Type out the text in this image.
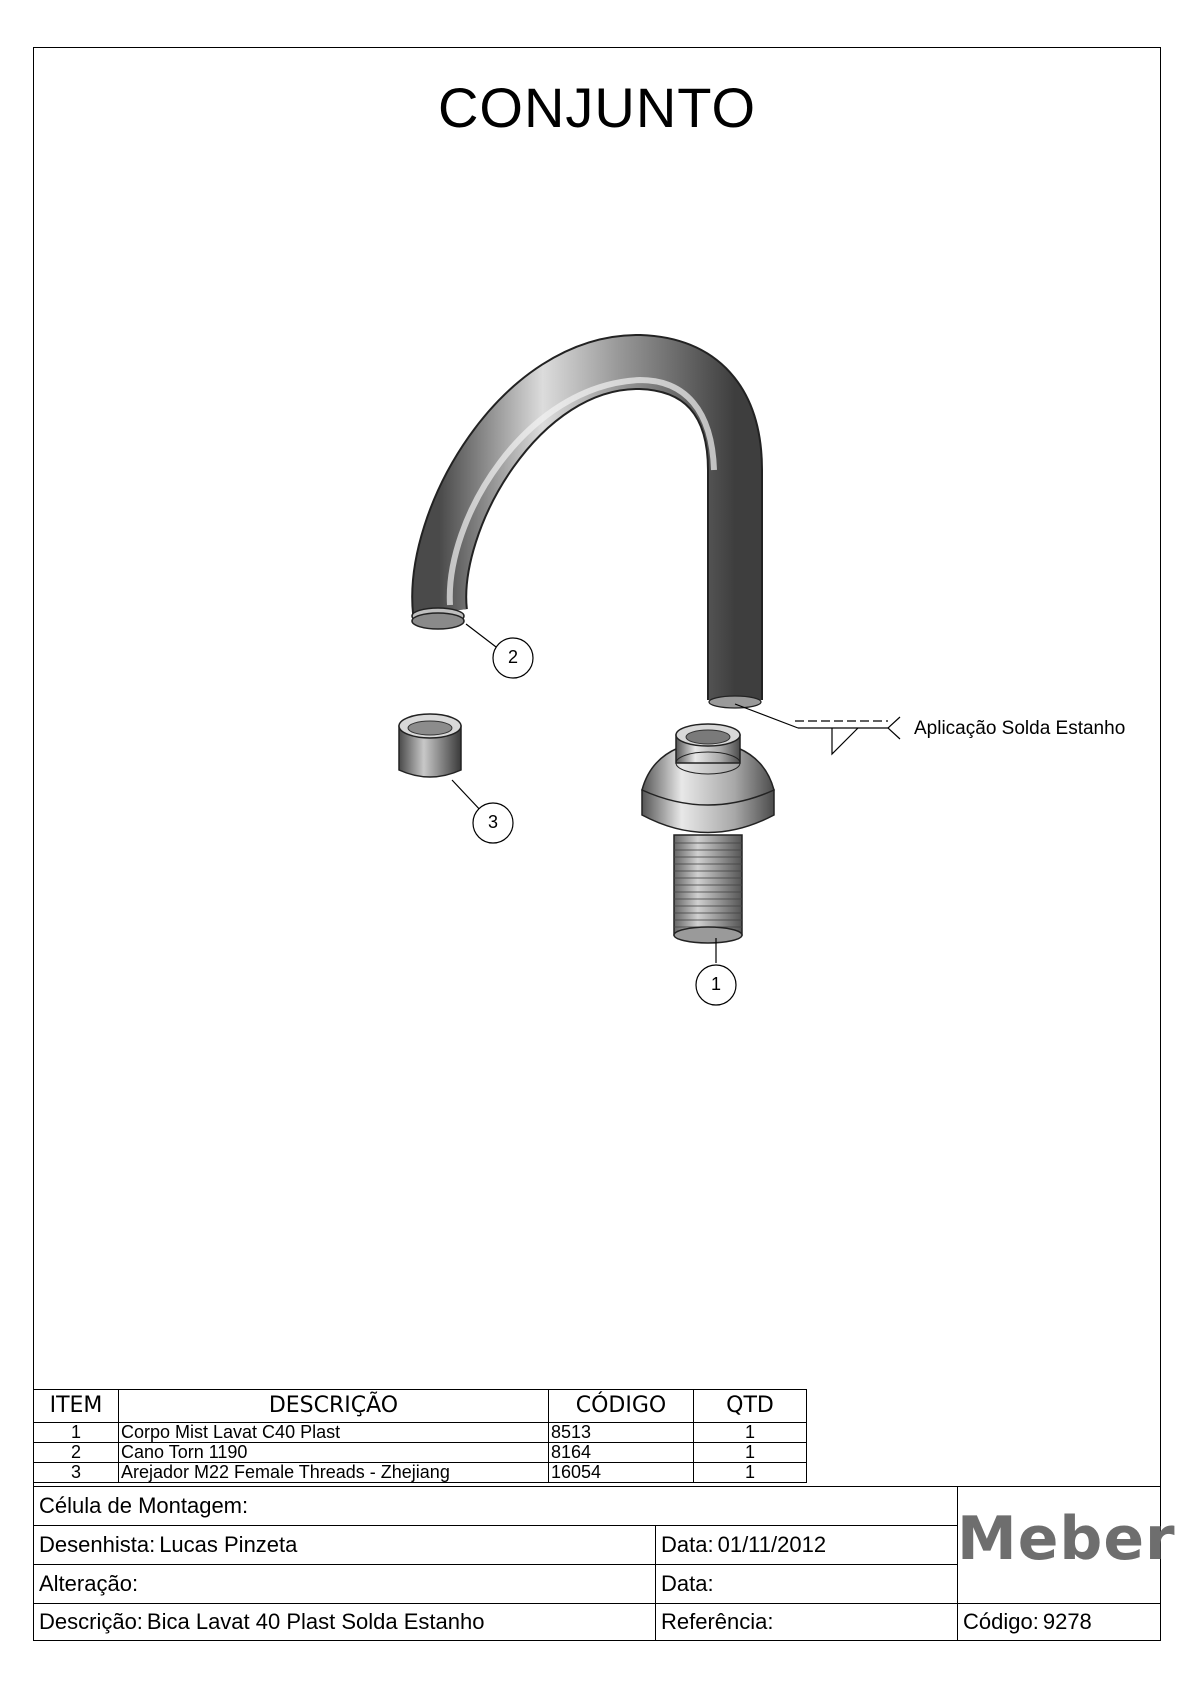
CONJUNTO
2
3
1
Aplicação Solda Estanho
ITEM	DESCRIÇÃO	CÓDIGO	QTD
1	Corpo Mist Lavat C40 Plast	8513	1
2	Cano Torn 1190	8164	1
3	Arejador M22 Female Threads - Zhejiang	16054	1
Célula de Montagem:
Desenhista: Lucas Pinzeta	Data: 01/11/2012
Alteração:	Data:
Descrição: Bica Lavat 40 Plast Solda Estanho	Referência:	Código: 9278
Meber
